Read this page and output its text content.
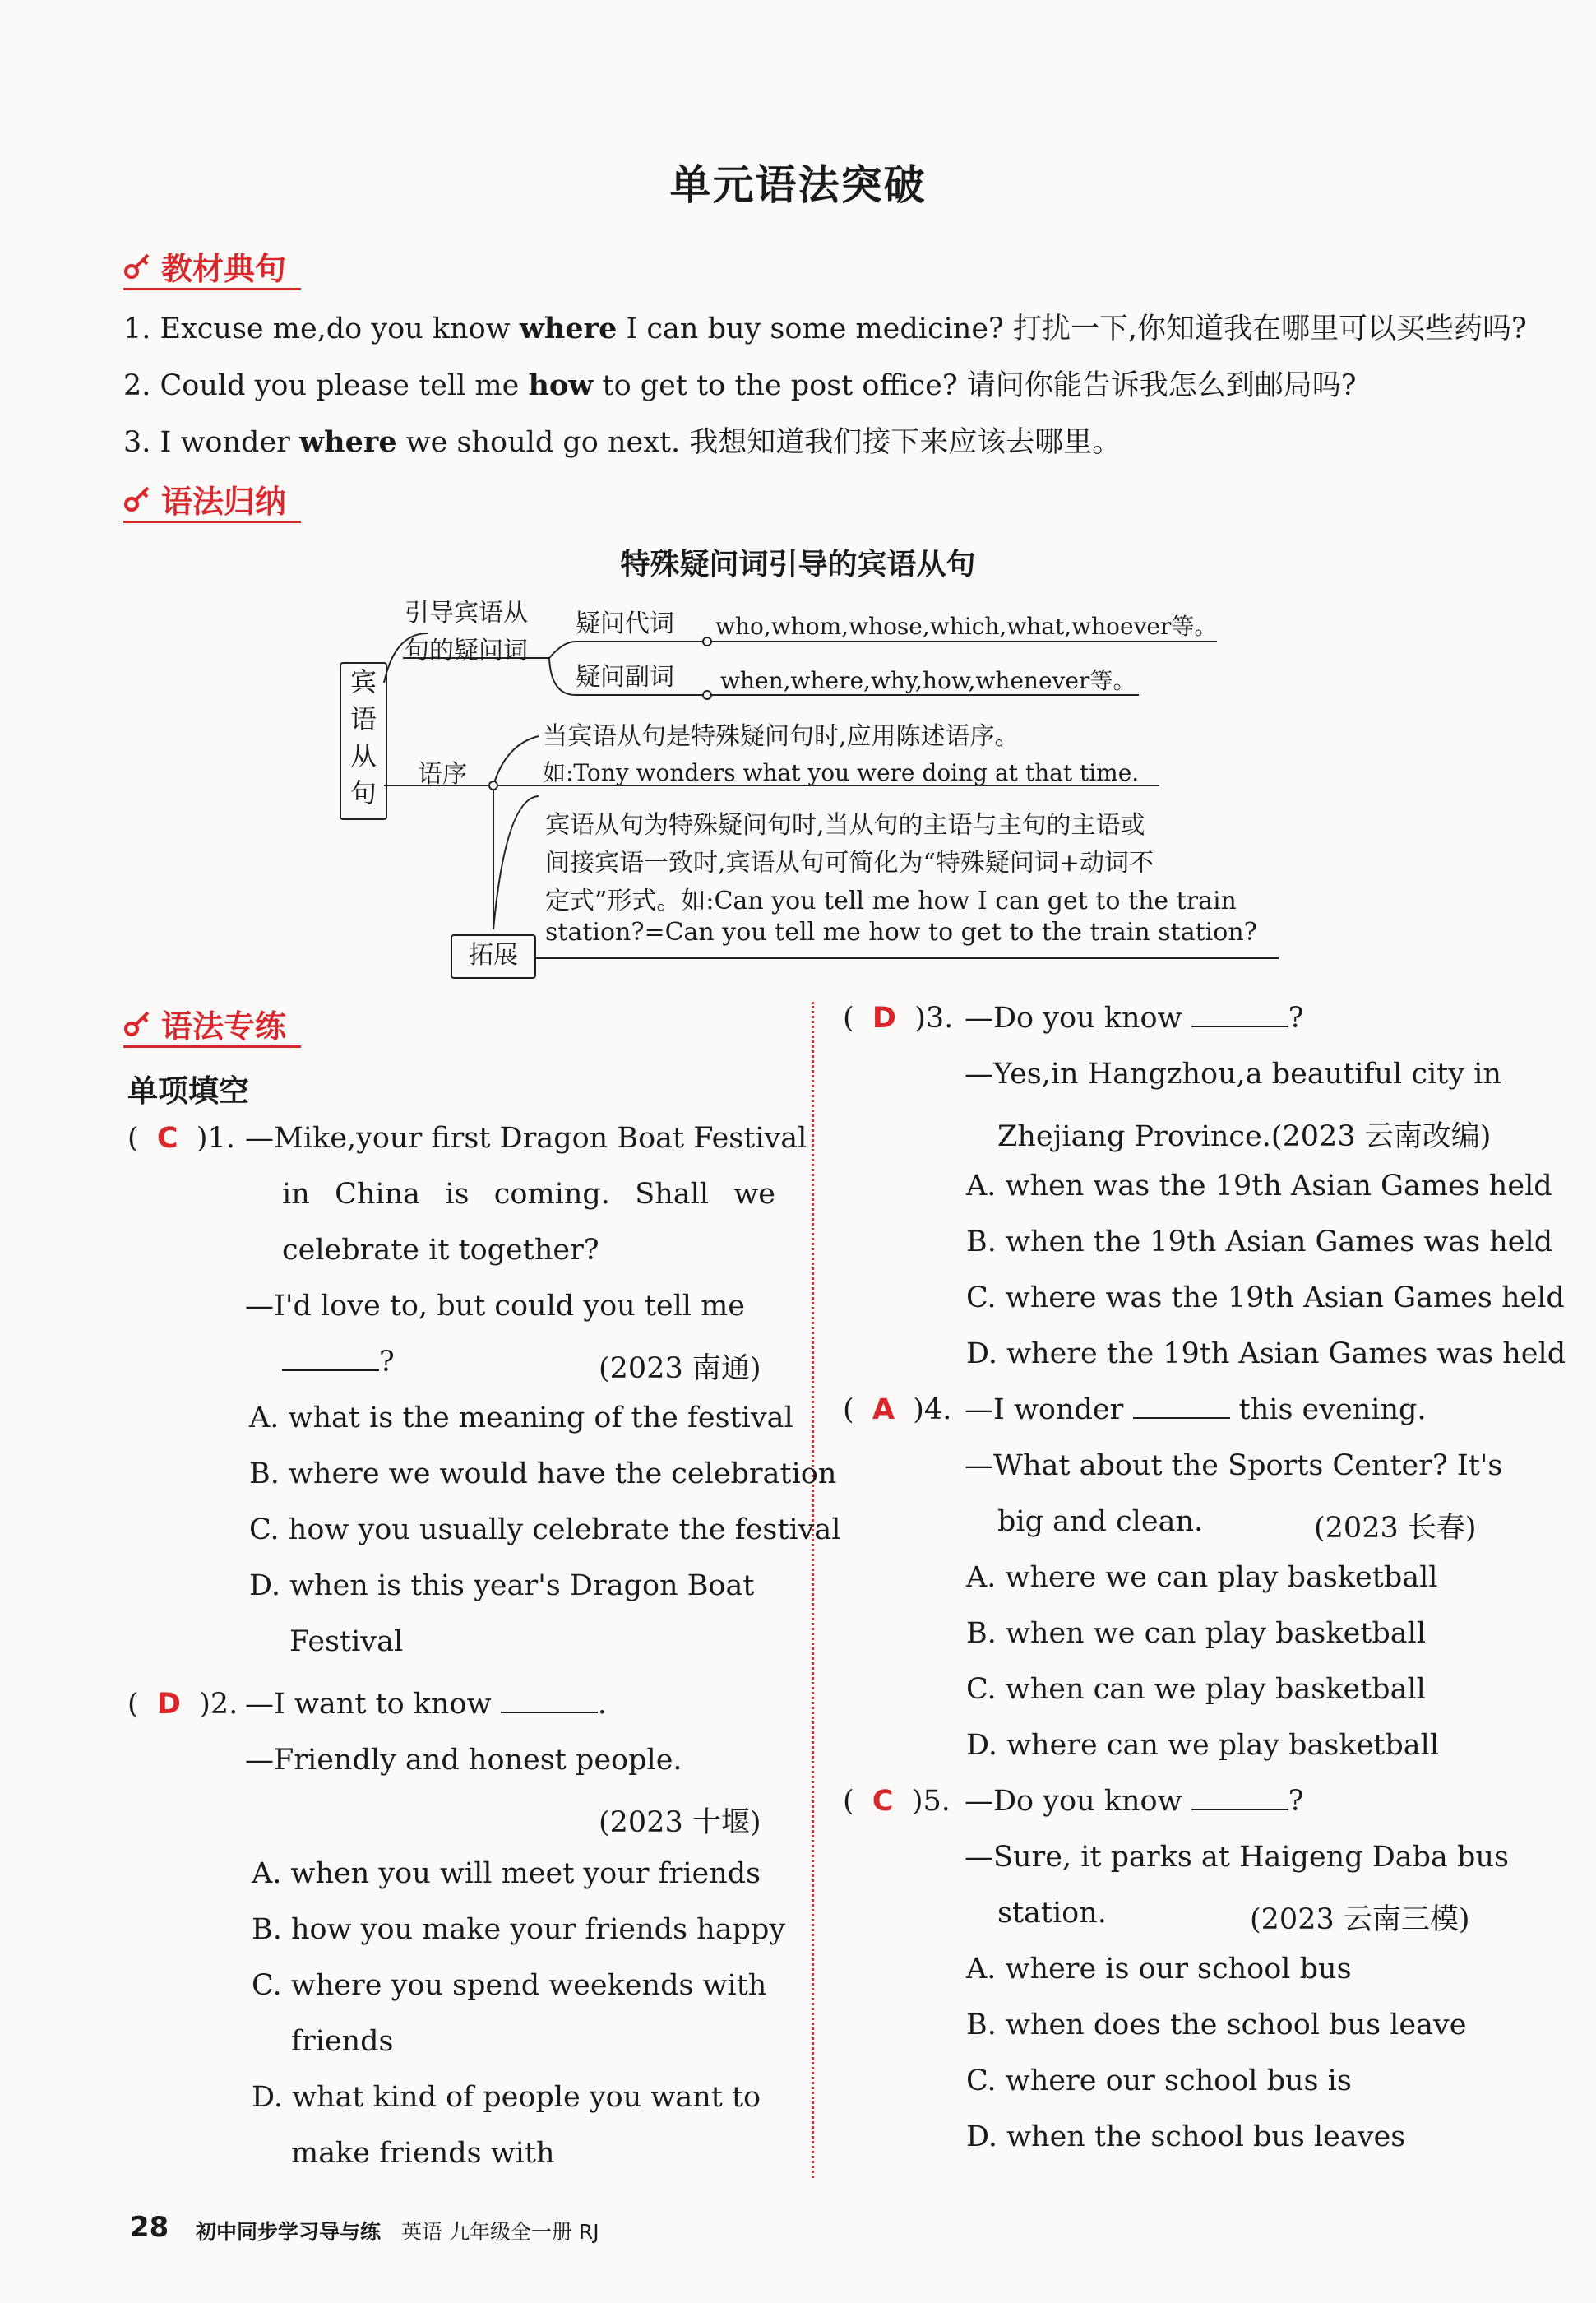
单元语法突破
教材典句
1. Excuse me,do you know where I can buy some medicine? 打扰一下,你知道我在哪里可以买些药吗?
2. Could you please tell me how to get to the post office? 请问你能告诉我怎么到邮局吗?
3. I wonder where we should go next. 我想知道我们接下来应该去哪里。
语法归纳
特殊疑问词引导的宾语从句
宾
语
从
句
引导宾语从
句的疑问词
疑问代词 who,whom,whose,which,what,whoever等。
疑问副词 when,where,why,how,whenever等。
语序
当宾语从句是特殊疑问句时,应用陈述语序。
如:Tony wonders what you were doing at that time.
宾语从句为特殊疑问句时,当从句的主语与主句的主语或
间接宾语一致时,宾语从句可简化为“特殊疑问词+动词不
定式”形式。如:Can you tell me how I can get to the train
station?=Can you tell me how to get to the train station?
拓展
语法专练
单项填空
(  C )1. —Mike,your first Dragon Boat Festival
in China is coming. Shall we
celebrate it together?
—I'd love to, but could you tell me
?	(2023 南通)
A. what is the meaning of the festival
B. where we would have the celebration
C. how you usually celebrate the festival
D. when is this year's Dragon Boat
Festival
(  D )2. —I want to know	.
—Friendly and honest people.
(2023 十堰)
A. when you will meet your friends
B. how you make your friends happy
C. where you spend weekends with
friends
D. what kind of people you want to
make friends with
(  D )3. —Do you know	?
—Yes,in Hangzhou,a beautiful city in
Zhejiang Province.(2023 云南改编)
A. when was the 19th Asian Games held
B. when the 19th Asian Games was held
C. where was the 19th Asian Games held
D. where the 19th Asian Games was held
(  A )4. —I wonder	this evening.
—What about the Sports Center? It's
big and clean.	(2023 长春)
A. where we can play basketball
B. when we can play basketball
C. when can we play basketball
D. where can we play basketball
(  C )5. —Do you know	?
—Sure, it parks at Haigeng Daba bus
station.	(2023 云南三模)
A. where is our school bus
B. when does the school bus leave
C. where our school bus is
D. when the school bus leaves
28 初中同步学习导与练 英语 九年级全一册 RJ
